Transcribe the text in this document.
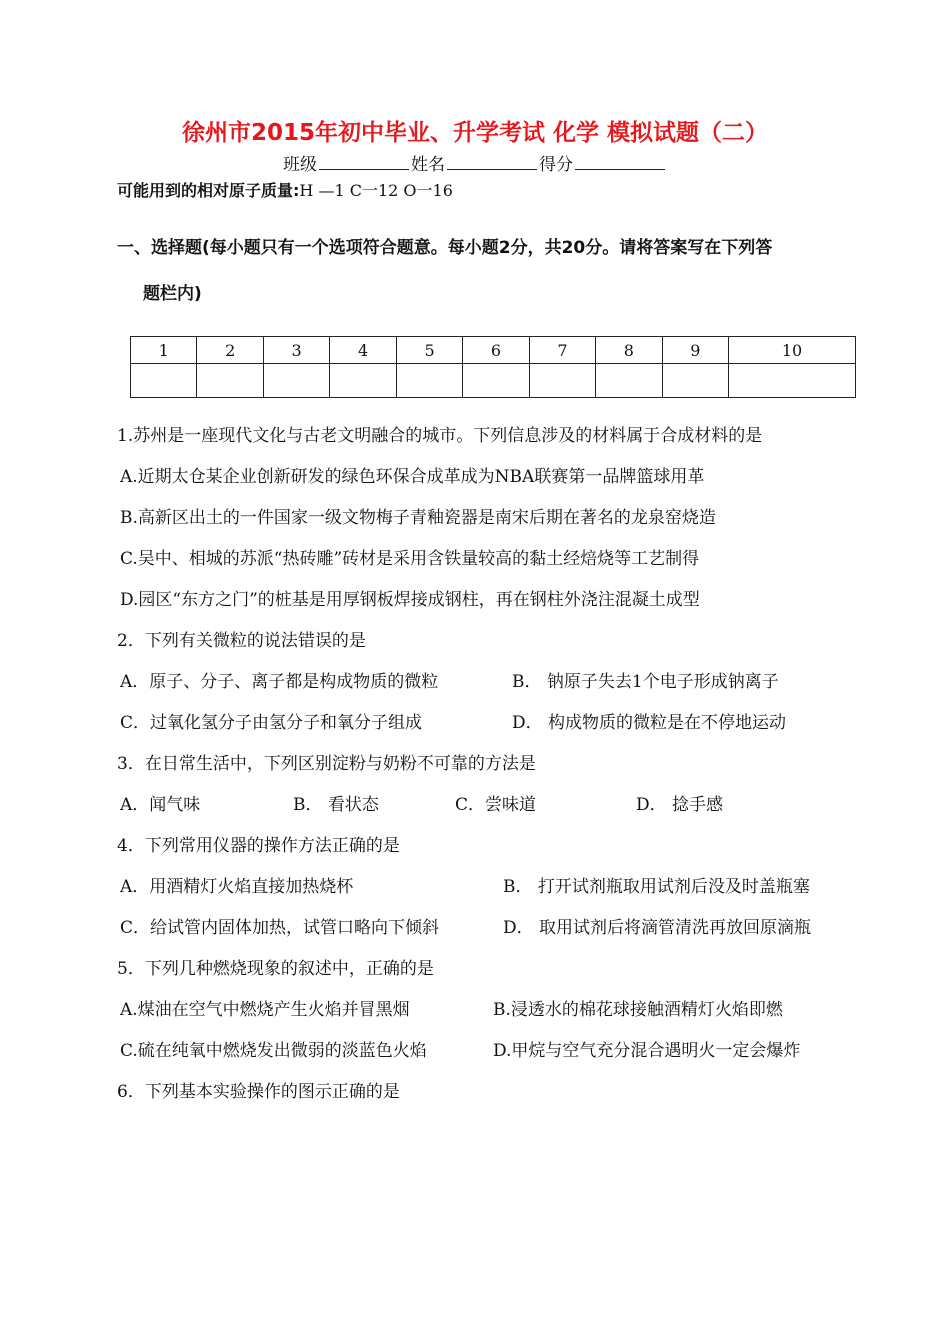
徐州市2015年初中毕业、升学考试 化学 模拟试题（二）
班级	姓名	得分
可能用到的相对原子质量:H —1 C一12 O一16
一、选择题(每小题只有一个选项符合题意。每小题2分，共20分。请将答案写在下列答
题栏内)
1	2	3	4	5	6	7	8	9	10

1.苏州是一座现代文化与古老文明融合的城市。下列信息涉及的材料属于合成材料的是
A.近期太仓某企业创新研发的绿色环保合成革成为NBA联赛第一品牌篮球用革
B.高新区出土的一件国家一级文物梅子青釉瓷器是南宋后期在著名的龙泉窑烧造
C.吴中、相城的苏派“热砖雕”砖材是采用含铁量较高的黏土经焙烧等工艺制得
D.园区“东方之门”的桩基是用厚钢板焊接成钢柱，再在钢柱外浇注混凝土成型
2．下列有关微粒的说法错误的是
A．原子、分子、离子都是构成物质的微粒	B． 钠原子失去1个电子形成钠离子
C．过氧化氢分子由氢分子和氧分子组成	D． 构成物质的微粒是在不停地运动
3．在日常生活中，下列区别淀粉与奶粉不可靠的方法是
A．闻气味	B． 看状态	C．尝味道	D． 捻手感
4．下列常用仪器的操作方法正确的是
A．用酒精灯火焰直接加热烧杯	B． 打开试剂瓶取用试剂后没及时盖瓶塞
C．给试管内固体加热，试管口略向下倾斜	D． 取用试剂后将滴管清洗再放回原滴瓶
5．下列几种燃烧现象的叙述中，正确的是
A.煤油在空气中燃烧产生火焰并冒黑烟	B.浸透水的棉花球接触酒精灯火焰即燃
C.硫在纯氧中燃烧发出微弱的淡蓝色火焰	D.甲烷与空气充分混合遇明火一定会爆炸
6．下列基本实验操作的图示正确的是
